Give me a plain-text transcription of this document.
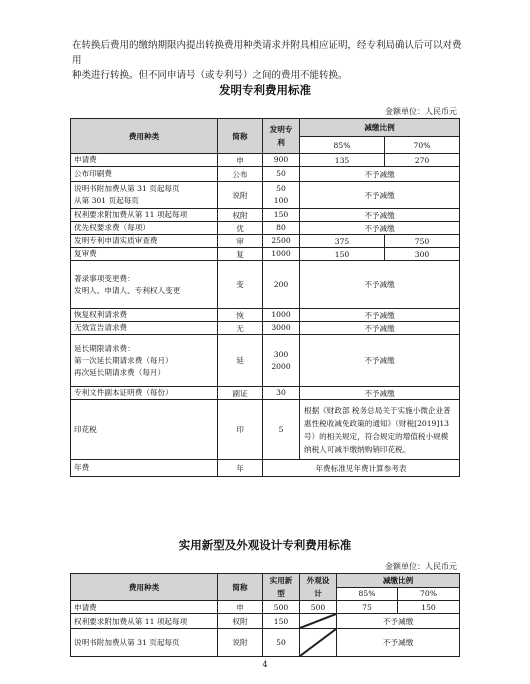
在转换后费用的缴纳期限内提出转换费用种类请求并附具相应证明，经专利局确认后可以对费用
种类进行转换。但不同申请号（或专利号）之间的费用不能转换。
发明专利费用标准
金额单位：人民币元
费用种类	简称	发明专利	减缴比例	
			85%	70%

申请费	申	900	135	270

公布印刷费	公布	50	不予减缴	

说明书附加费从第 31 页起每页
从第 301 页起每页	说附	50
100	不予减缴	

权利要求附加费从第 11 项起每项	权附	150	不予减缴	

优先权要求费（每项）	优	80	不予减缴	

发明专利申请实质审查费	审	2500	375	750

复审费	复	1000	150	300

著录事项变更费：
发明人、申请人、专利权人变更	变	200	不予减缴	

恢复权利请求费	恢	1000	不予减缴	

无效宣告请求费	无	3000	不予减缴	

延长期限请求费：
第一次延长期请求费（每月）
再次延长期请求费（每月）	延	300
2000	不予减缴	

专利文件副本证明费（每份）	副证	30	不予减缴	

印花税	印	5	根据《财政部 税务总局关于实施小微企业普惠性税收减免政策的通知》（财税[2019]13 号）的相关规定，符合规定的增值税小规模纳税人可减半缴纳购销印花税。	

年费	年	年费标准见年费计算参考表		
实用新型及外观设计专利费用标准
金额单位：人民币元
费用种类	简称	实用新型	外观设计	减缴比例	
				85%	70%
申请费	申	500	500	75	150
权利要求附加费从第 11 项起每项	权附	150		不予减缴	
说明书附加费从第 31 页起每页	说附	50		不予减缴	
4
